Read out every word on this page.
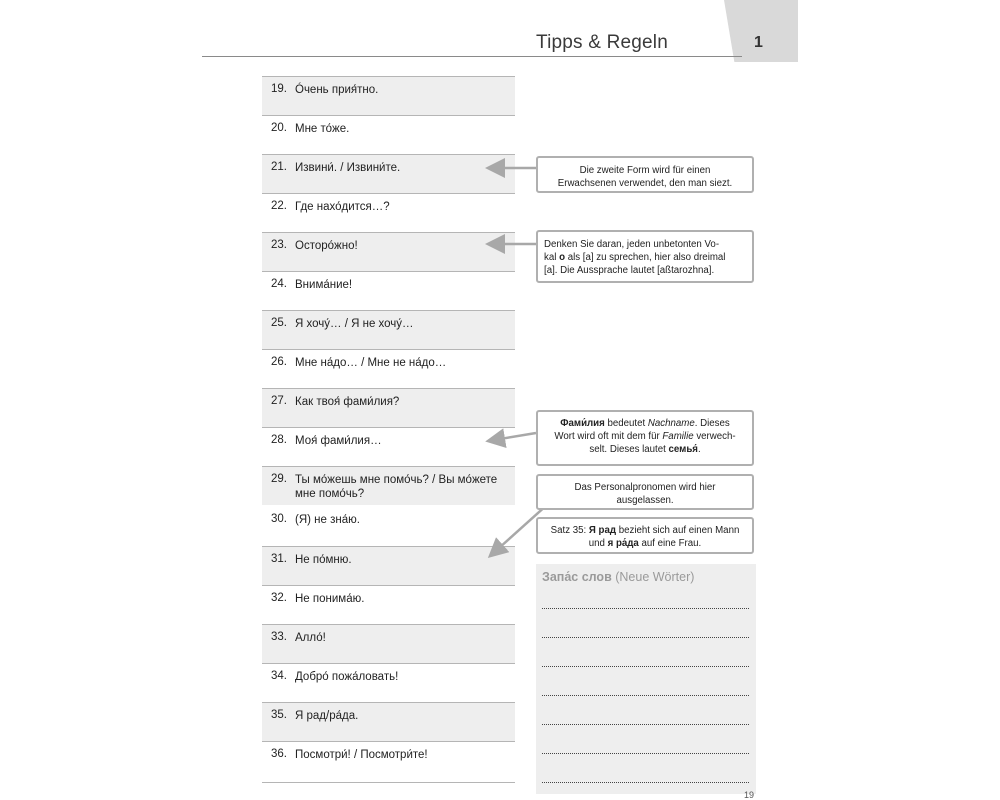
1
Tipps & Regeln
19. Óчень прия́тно.
20. Мне то́же.
21. Извини́. / Извини́те.
22. Где нахо́дится…?
23. Осторо́жно!
24. Внима́ние!
25. Я хочу́… / Я не хочу́…
26. Мне на́до… / Мне не на́до…
27. Как твоя́ фами́лия?
28. Моя́ фами́лия…
29. Ты мо́жешь мне помо́чь? / Вы мо́жете
мне помо́чь?
30. (Я) не зна́ю.
31. Не по́мню.
32. Не понима́ю.
33. Алло́!
34. Добро́ пожа́ловать!
35. Я рад/ра́да.
36. Посмотри́! / Посмотри́те!
Die zweite Form wird für einen
Erwachsenen verwendet, den man siezt.
Denken Sie daran, jeden unbetonten Vo-
kal o als [a] zu sprechen, hier also dreimal
[a]. Die Aussprache lautet [aßtarozhna].
Фами́лия bedeutet Nachname. Dieses
Wort wird oft mit dem für Familie verwech-
selt. Dieses lautet семья́.
Das Personalpronomen wird hier
ausgelassen.
Satz 35: Я рад bezieht sich auf einen Mann
und я ра́да auf eine Frau.
Запа́с слов (Neue Wörter)
19
